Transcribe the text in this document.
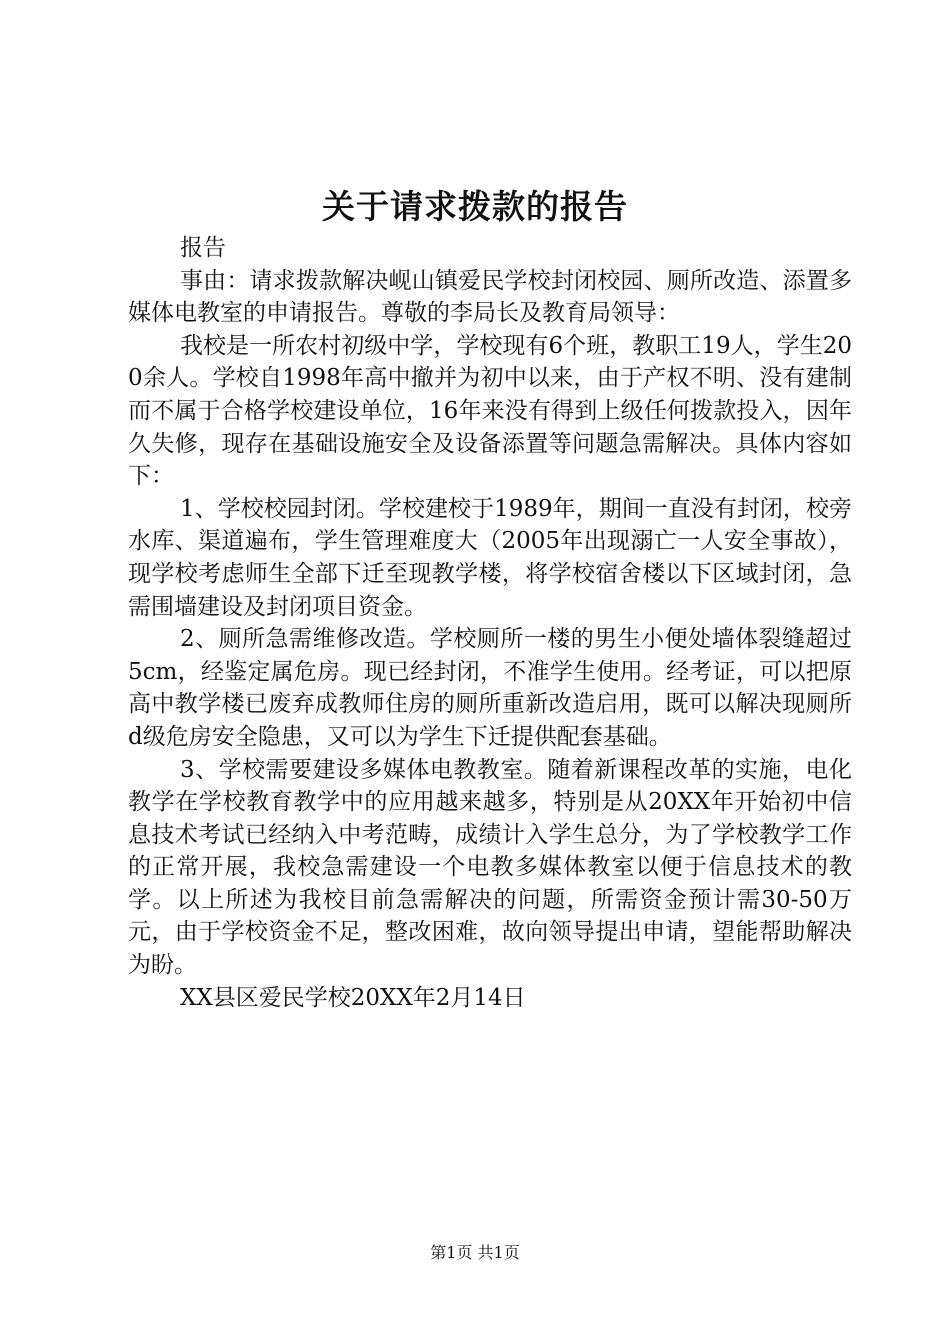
关于请求拨款的报告

报告

事由：请求拨款解决岘山镇爱民学校封闭校园、厕所改造、添置多媒体电教室的申请报告。尊敬的李局长及教育局领导：

我校是一所农村初级中学，学校现有6个班，教职工19人，学生200余人。学校自1998年高中撤并为初中以来，由于产权不明、没有建制而不属于合格学校建设单位，16年来没有得到上级任何拨款投入，因年久失修，现存在基础设施安全及设备添置等问题急需解决。具体内容如下：

1、学校校园封闭。学校建校于1989年，期间一直没有封闭，校旁水库、渠道遍布，学生管理难度大（2005年出现溺亡一人安全事故），现学校考虑师生全部下迁至现教学楼，将学校宿舍楼以下区域封闭，急需围墙建设及封闭项目资金。

2、厕所急需维修改造。学校厕所一楼的男生小便处墙体裂缝超过5cm，经鉴定属危房。现已经封闭，不准学生使用。经考证，可以把原高中教学楼已废弃成教师住房的厕所重新改造启用，既可以解决现厕所d级危房安全隐患，又可以为学生下迁提供配套基础。

3、学校需要建设多媒体电教教室。随着新课程改革的实施，电化教学在学校教育教学中的应用越来越多，特别是从20XX年开始初中信息技术考试已经纳入中考范畴，成绩计入学生总分，为了学校教学工作的正常开展，我校急需建设一个电教多媒体教室以便于信息技术的教学。以上所述为我校目前急需解决的问题，所需资金预计需30-50万元，由于学校资金不足，整改困难，故向领导提出申请，望能帮助解决为盼。

XX县区爱民学校20XX年2月14日

第1页 共1页
